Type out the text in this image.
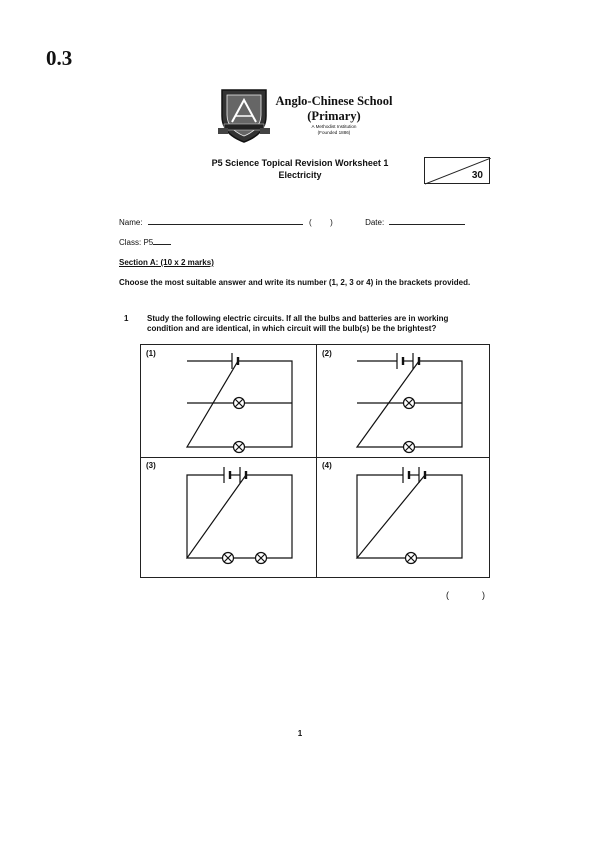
0.3
Anglo-Chinese School
(Primary)
A Methodist Institution
(Founded 1886)
P5 Science Topical Revision Worksheet 1
Electricity	30
Name:	( )	Date:
Class: P5
Section A: (10 x 2 marks)
Choose the most suitable answer and write its number (1, 2, 3 or 4) in the brackets provided.
1 Study the following electric circuits. If all the bulbs and batteries are in working condition and are identical, in which circuit will the bulb(s) be the brightest?
(1)	(2)
(3)	(4)
(	)
1
